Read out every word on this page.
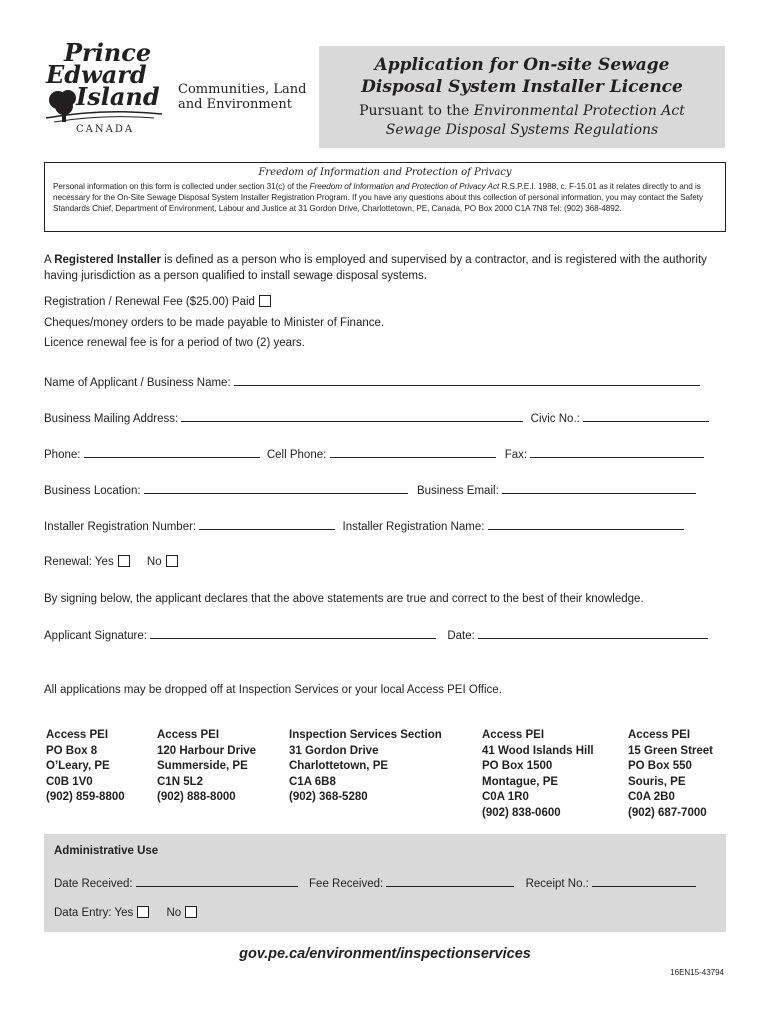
Prince
Edward
Island
CANADA
Communities, Land
and Environment
Application for On-site Sewage
Disposal System Installer Licence
Pursuant to the Environmental Protection Act
Sewage Disposal Systems Regulations
Freedom of Information and Protection of Privacy
Personal information on this form is collected under section 31(c) of the Freedom of Information and Protection of Privacy Act R.S.P.E.I. 1988, c. F-15.01 as it relates directly to and is necessary for the On-Site Sewage Disposal System Installer Registration Program. If you have any questions about this collection of personal information, you may contact the Safety Standards Chief, Department of Environment, Labour and Justice at 31 Gordon Drive, Charlottetown, PE, Canada, PO Box 2000 C1A 7N8 Tel: (902) 368-4892.
A Registered Installer is defined as a person who is employed and supervised by a contractor, and is registered with the authority having jurisdiction as a person qualified to install sewage disposal systems.
Registration / Renewal Fee ($25.00) Paid
Cheques/money orders to be made payable to Minister of Finance.
Licence renewal fee is for a period of two (2) years.
Name of Applicant / Business Name:
Business Mailing Address:	Civic No.:
Phone:	Cell Phone:	Fax:
Business Location:	Business Email:
Installer Registration Number:	Installer Registration Name:
Renewal: Yes	No
By signing below, the applicant declares that the above statements are true and correct to the best of their knowledge.
Applicant Signature:	Date:
All applications may be dropped off at Inspection Services or your local Access PEI Office.
Access PEI
PO Box 8
O’Leary, PE
C0B 1V0
(902) 859-8800
Access PEI
120 Harbour Drive
Summerside, PE
C1N 5L2
(902) 888-8000
Inspection Services Section
31 Gordon Drive
Charlottetown, PE
C1A 6B8
(902) 368-5280
Access PEI
41 Wood Islands Hill
PO Box 1500
Montague, PE
C0A 1R0
(902) 838-0600
Access PEI
15 Green Street
PO Box 550
Souris, PE
C0A 2B0
(902) 687-7000
Administrative Use
Date Received:	Fee Received:	Receipt No.:
Data Entry: Yes	No
gov.pe.ca/environment/inspectionservices
16EN15-43794
